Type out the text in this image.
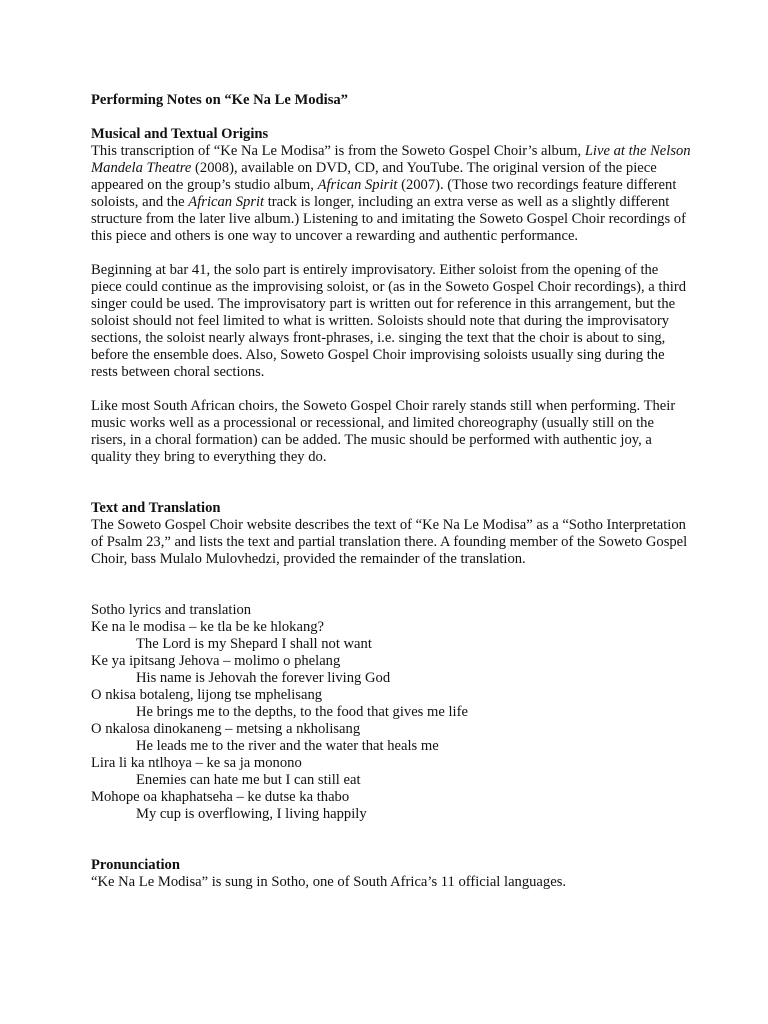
Performing Notes on “Ke Na Le Modisa”

Musical and Textual Origins

This transcription of “Ke Na Le Modisa” is from the Soweto Gospel Choir’s album, Live at the Nelson Mandela Theatre (2008), available on DVD, CD, and YouTube. The original version of the piece appeared on the group’s studio album, African Spirit (2007). (Those two recordings feature different soloists, and the African Sprit track is longer, including an extra verse as well as a slightly different structure from the later live album.) Listening to and imitating the Soweto Gospel Choir recordings of this piece and others is one way to uncover a rewarding and authentic performance.

Beginning at bar 41, the solo part is entirely improvisatory. Either soloist from the opening of the piece could continue as the improvising soloist, or (as in the Soweto Gospel Choir recordings), a third singer could be used. The improvisatory part is written out for reference in this arrangement, but the soloist should not feel limited to what is written. Soloists should note that during the improvisatory sections, the soloist nearly always front-phrases, i.e. singing the text that the choir is about to sing, before the ensemble does. Also, Soweto Gospel Choir improvising soloists usually sing during the rests between choral sections.

Like most South African choirs, the Soweto Gospel Choir rarely stands still when performing. Their music works well as a processional or recessional, and limited choreography (usually still on the risers, in a choral formation) can be added. The music should be performed with authentic joy, a quality they bring to everything they do.

Text and Translation

The Soweto Gospel Choir website describes the text of “Ke Na Le Modisa” as a “Sotho Interpretation of Psalm 23,” and lists the text and partial translation there. A founding member of the Soweto Gospel Choir, bass Mulalo Mulovhedzi, provided the remainder of the translation.

Sotho lyrics and translation

Ke na le modisa – ke tla be ke hlokang?

The Lord is my Shepard I shall not want

Ke ya ipitsang Jehova – molimo o phelang

His name is Jehovah the forever living God

O nkisa botaleng, lijong tse mphelisang

He brings me to the depths, to the food that gives me life

O nkalosa dinokaneng – metsing a nkholisang

He leads me to the river and the water that heals me

Lira li ka ntlhoya – ke sa ja monono

Enemies can hate me but I can still eat

Mohope oa khaphatseha – ke dutse ka thabo

My cup is overflowing, I living happily

Pronunciation

“Ke Na Le Modisa” is sung in Sotho, one of South Africa’s 11 official languages.
